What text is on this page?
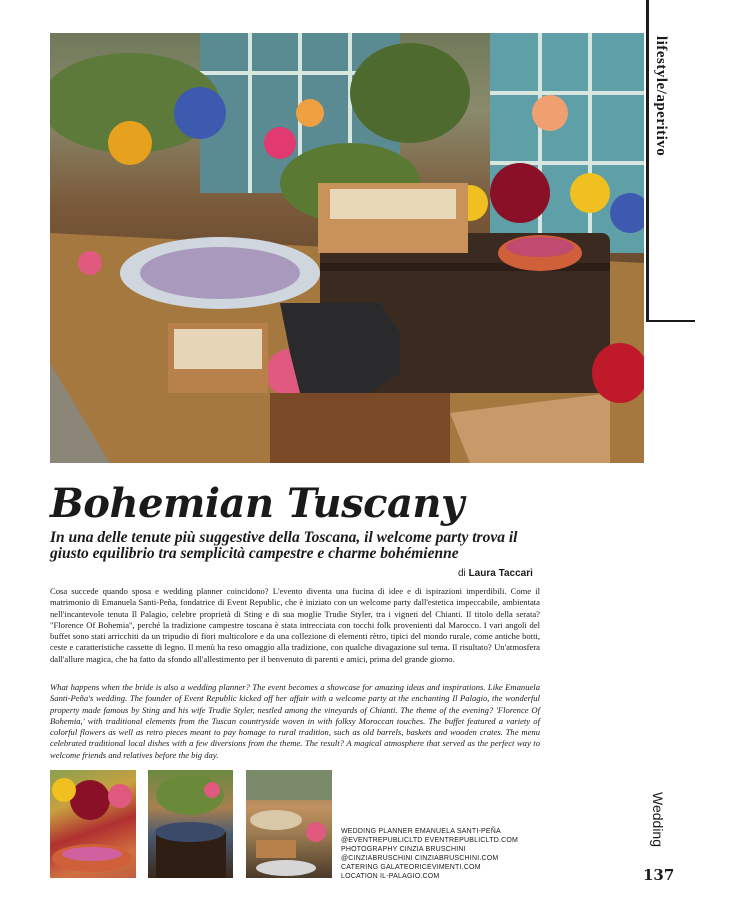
lifestyle/aperitivo
Bohemian Tuscany

In una delle tenute più suggestive della Toscana, il welcome party trova il giusto equilibrio tra semplicità campestre e charme bohémienne

di Laura Taccari

Cosa succede quando sposa e wedding planner coincidono? L'evento diventa una fucina di idee e di ispirazioni imperdibili. Come il matrimonio di Emanuela Santi-Peña, fondatrice di Event Republic, che è iniziato con un welcome party dall'estetica impeccabile, ambientata nell'incantevole tenuta Il Palagio, celebre proprietà di Sting e di sua moglie Trudie Styler, tra i vigneti del Chianti. Il titolo della serata? "Florence Of Bohemia", perché la tradizione campestre toscana è stata intrecciata con tocchi folk provenienti dal Marocco. I vari angoli del buffet sono stati arricchiti da un tripudio di fiori multicolore e da una collezione di elementi rètro, tipici del mondo rurale, come antiche botti, ceste e caratteristiche cassette di legno. Il menù ha reso omaggio alla tradizione, con qualche divagazione sul tema. Il risultato? Un'atmosfera dall'allure magica, che ha fatto da sfondo all'allestimento per il benvenuto di parenti e amici, prima del grande giorno.

What happens when the bride is also a wedding planner? The event becomes a showcase for amazing ideas and inspirations. Like Emanuela Santi-Peña's wedding. The founder of Event Republic kicked off her affair with a welcome party at the enchanting Il Palagio, the wonderful property made famous by Sting and his wife Trudie Styler, nestled among the vineyards of Chianti. The theme of the evening? 'Florence Of Bohemia,' with traditional elements from the Tuscan countryside woven in with folksy Moroccan touches. The buffet featured a variety of colorful flowers as well as retro pieces meant to pay homage to rural tradition, such as old barrels, baskets and wooden crates. The menu celebrated traditional local dishes with a few diversions from the theme. The result? A magical atmosphere that served as the perfect way to welcome friends and relatives before the big day.

WEDDING PLANNER EMANUELA SANTI-PEÑA
@EVENTREPUBLICLTD EVENTREPUBLICLTD.COM
PHOTOGRAPHY CINZIA BRUSCHINI
@CINZIABRUSCHINI CINZIABRUSCHINI.COM
CATERING GALATEORICEVIMENTI.COM
LOCATION IL-PALAGIO.COM
Wedding
137
